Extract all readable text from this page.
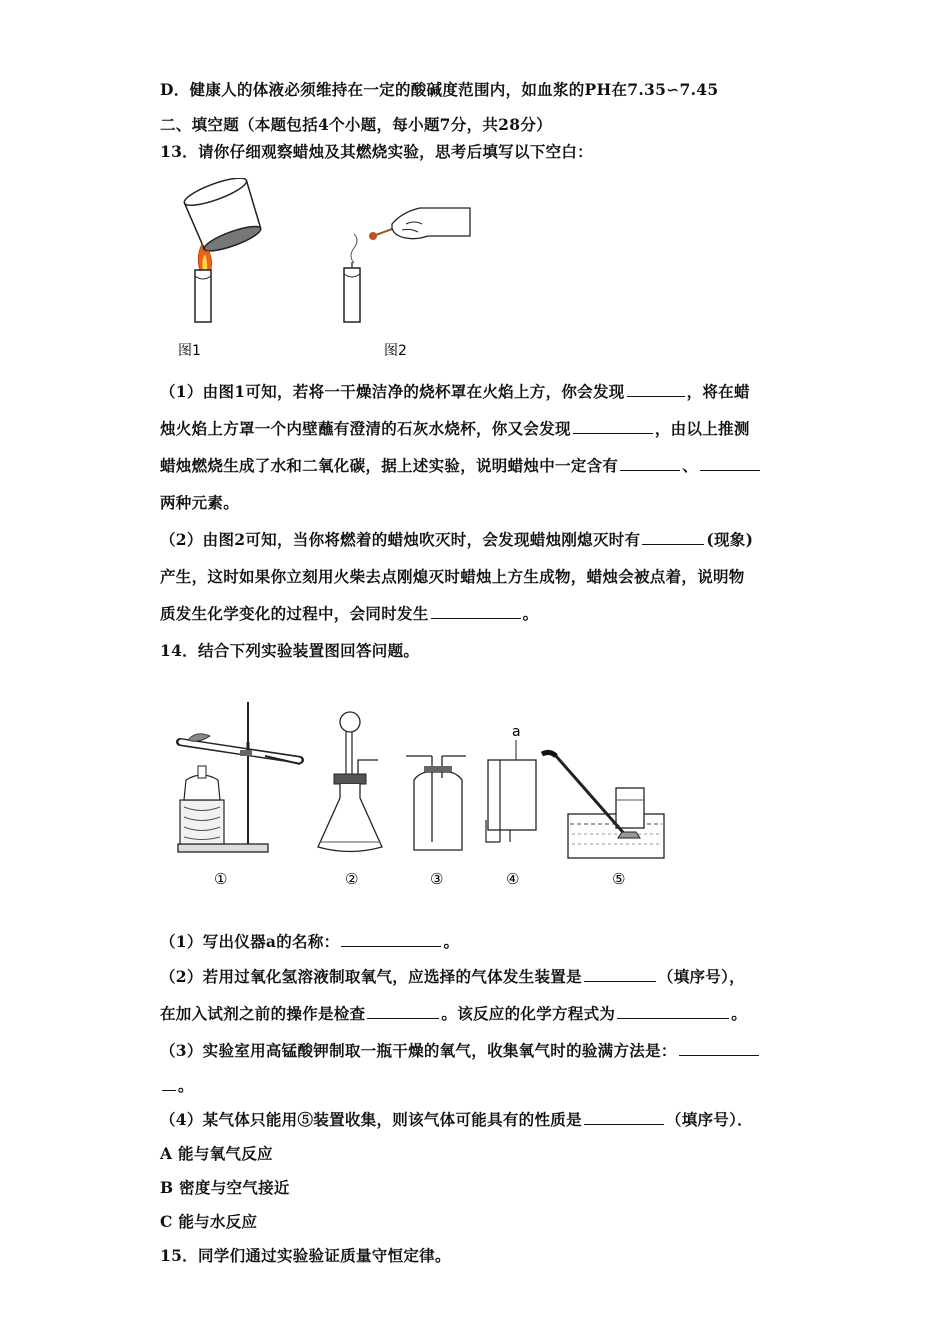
D．健康人的体液必须维持在一定的酸碱度范围内，如血浆的PH在7.35∽7.45
二、填空题（本题包括4个小题，每小题7分，共28分）
13．请你仔细观察蜡烛及其燃烧实验，思考后填写以下空白：
图1	图2
（1）由图1可知，若将一干燥洁净的烧杯罩在火焰上方，你会发现	，将在蜡
烛火焰上方罩一个内壁蘸有澄清的石灰水烧杯，你又会发现	，由以上推测
蜡烛燃烧生成了水和二氧化碳，据上述实验，说明蜡烛中一定含有	、
两种元素。
（2）由图2可知，当你将燃着的蜡烛吹灭时，会发现蜡烛刚熄灭时有	(现象)
产生，这时如果你立刻用火柴去点刚熄灭时蜡烛上方生成物，蜡烛会被点着，说明物
质发生化学变化的过程中，会同时发生	。
14．结合下列实验装置图回答问题。
①	②	③
a
④	⑤
（1）写出仪器a的名称：	。
（2）若用过氧化氢溶液制取氧气，应选择的气体发生装置是	（填序号），
在加入试剂之前的操作是检查	。该反应的化学方程式为	。
（3）实验室用高锰酸钾制取一瓶干燥的氧气，收集氧气时的验满方法是：
。
（4）某气体只能用⑤装置收集，则该气体可能具有的性质是	（填序号）．
A 能与氧气反应
B 密度与空气接近
C 能与水反应
15．同学们通过实验验证质量守恒定律。
